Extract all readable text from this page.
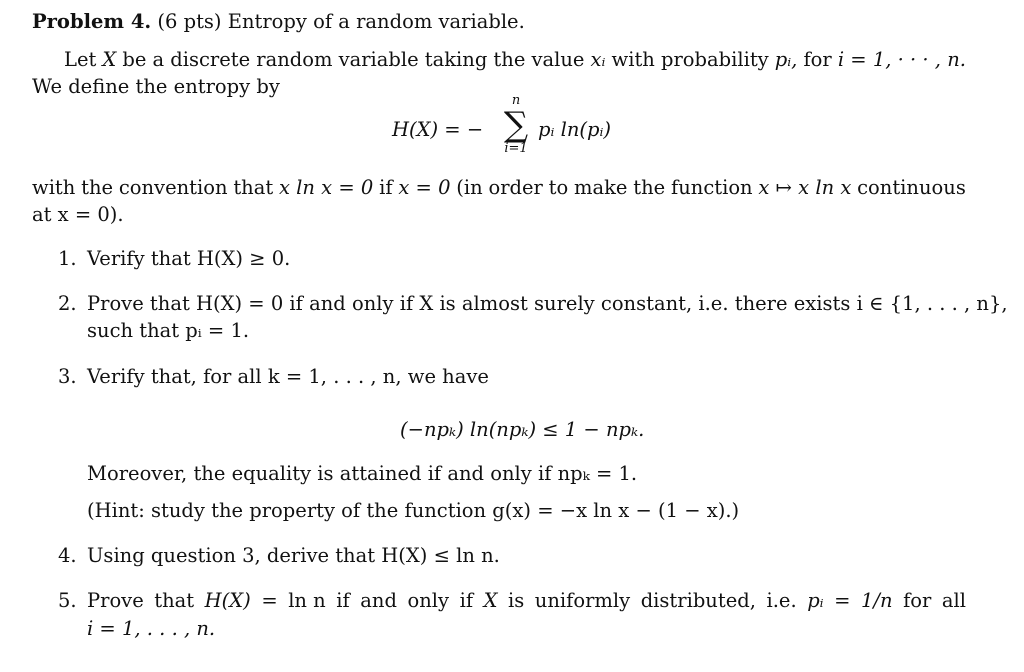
Problem 4. (6 pts) Entropy of a random variable.
Let X be a discrete random variable taking the value xᵢ with probability pᵢ, for i = 1, · · · , n.
We define the entropy by
H(X) = −
n
∑
i=1
pᵢ ln(pᵢ)
with the convention that x ln x = 0 if x = 0 (in order to make the function x ↦ x ln x continuous
at x = 0).
1. Verify that H(X) ≥ 0.
2. Prove that H(X) = 0 if and only if X is almost surely constant, i.e. there exists i ∈ {1, . . . , n},
such that pᵢ = 1.
3. Verify that, for all k = 1, . . . , n, we have
(−npₖ) ln(npₖ) ≤ 1 − npₖ.
Moreover, the equality is attained if and only if npₖ = 1.
(Hint: study the property of the function g(x) = −x ln x − (1 − x).)
4. Using question 3, derive that H(X) ≤ ln n.
5. Prove that H(X) = ln n if and only if X is uniformly distributed, i.e. pᵢ = 1/n for all
i = 1, . . . , n.
